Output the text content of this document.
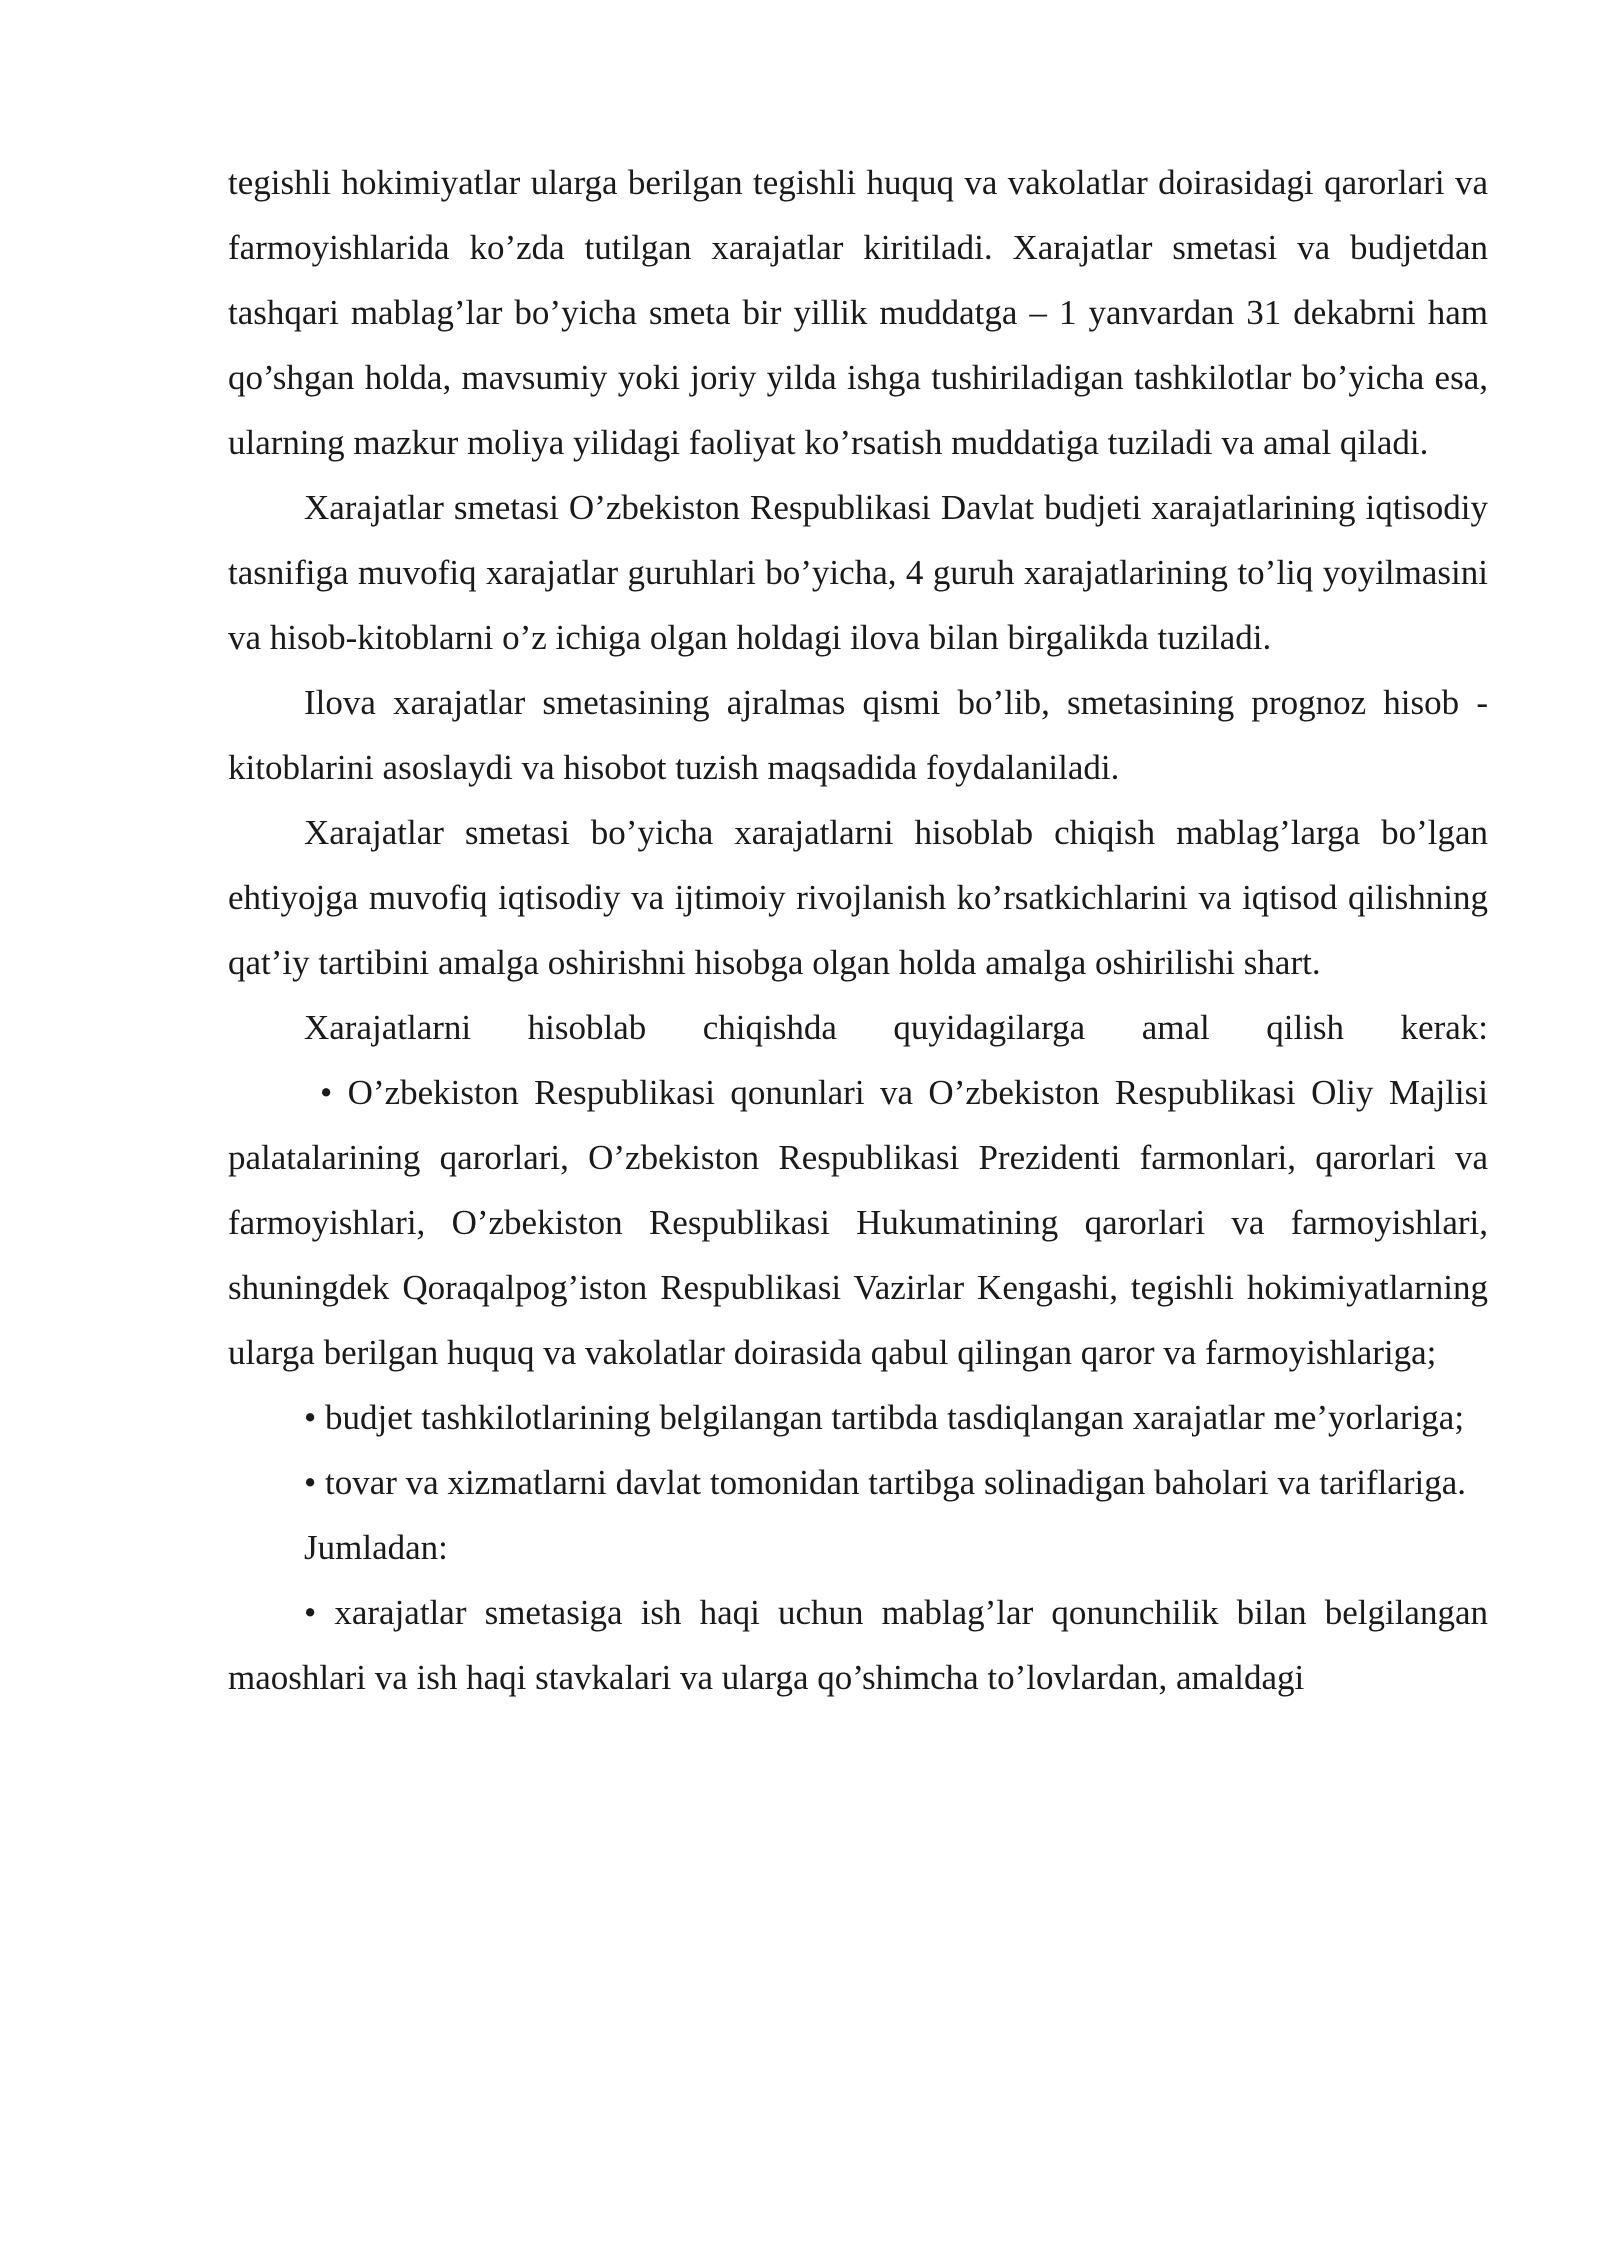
tegishli hokimiyatlar ularga berilgan tegishli huquq va vakolatlar doirasidagi qarorlari va farmoyishlarida ko’zda tutilgan xarajatlar kiritiladi. Xarajatlar smetasi va budjetdan tashqari mablag’lar bo’yicha smeta bir yillik muddatga – 1 yanvardan 31 dekabrni ham qo’shgan holda, mavsumiy yoki joriy yilda ishga tushiriladigan tashkilotlar bo’yicha esa, ularning mazkur moliya yilidagi faoliyat ko’rsatish muddatiga tuziladi va amal qiladi.

Xarajatlar smetasi O’zbekiston Respublikasi Davlat budjeti xarajatlarining iqtisodiy tasnifiga muvofiq xarajatlar guruhlari bo’yicha, 4 guruh xarajatlarining to’liq yoyilmasini va hisob-kitoblarni o’z ichiga olgan holdagi ilova bilan birgalikda tuziladi.

Ilova xarajatlar smetasining ajralmas qismi bo’lib, smetasining prognoz hisob - kitoblarini asoslaydi va hisobot tuzish maqsadida foydalaniladi.

Xarajatlar smetasi bo’yicha xarajatlarni hisoblab chiqish mablag’larga bo’lgan ehtiyojga muvofiq iqtisodiy va ijtimoiy rivojlanish ko’rsatkichlarini va iqtisod qilishning qat’iy tartibini amalga oshirishni hisobga olgan holda amalga oshirilishi shart.

Xarajatlarni hisoblab chiqishda quyidagilarga amal qilish kerak:

• O’zbekiston Respublikasi qonunlari va O’zbekiston Respublikasi Oliy Majlisi palatalarining qarorlari, O’zbekiston Respublikasi Prezidenti farmonlari, qarorlari va farmoyishlari, O’zbekiston Respublikasi Hukumatining qarorlari va farmoyishlari, shuningdek Qoraqalpog’iston Respublikasi Vazirlar Kengashi, tegishli hokimiyatlarning ularga berilgan huquq va vakolatlar doirasida qabul qilingan qaror va farmoyishlariga;

• budjet tashkilotlarining belgilangan tartibda tasdiqlangan xarajatlar me’yorlariga;

• tovar va xizmatlarni davlat tomonidan tartibga solinadigan baholari va tariflariga.

Jumladan:

• xarajatlar smetasiga ish haqi uchun mablag’lar qonunchilik bilan belgilangan maoshlari va ish haqi stavkalari va ularga qo’shimcha to’lovlardan, amaldagi
